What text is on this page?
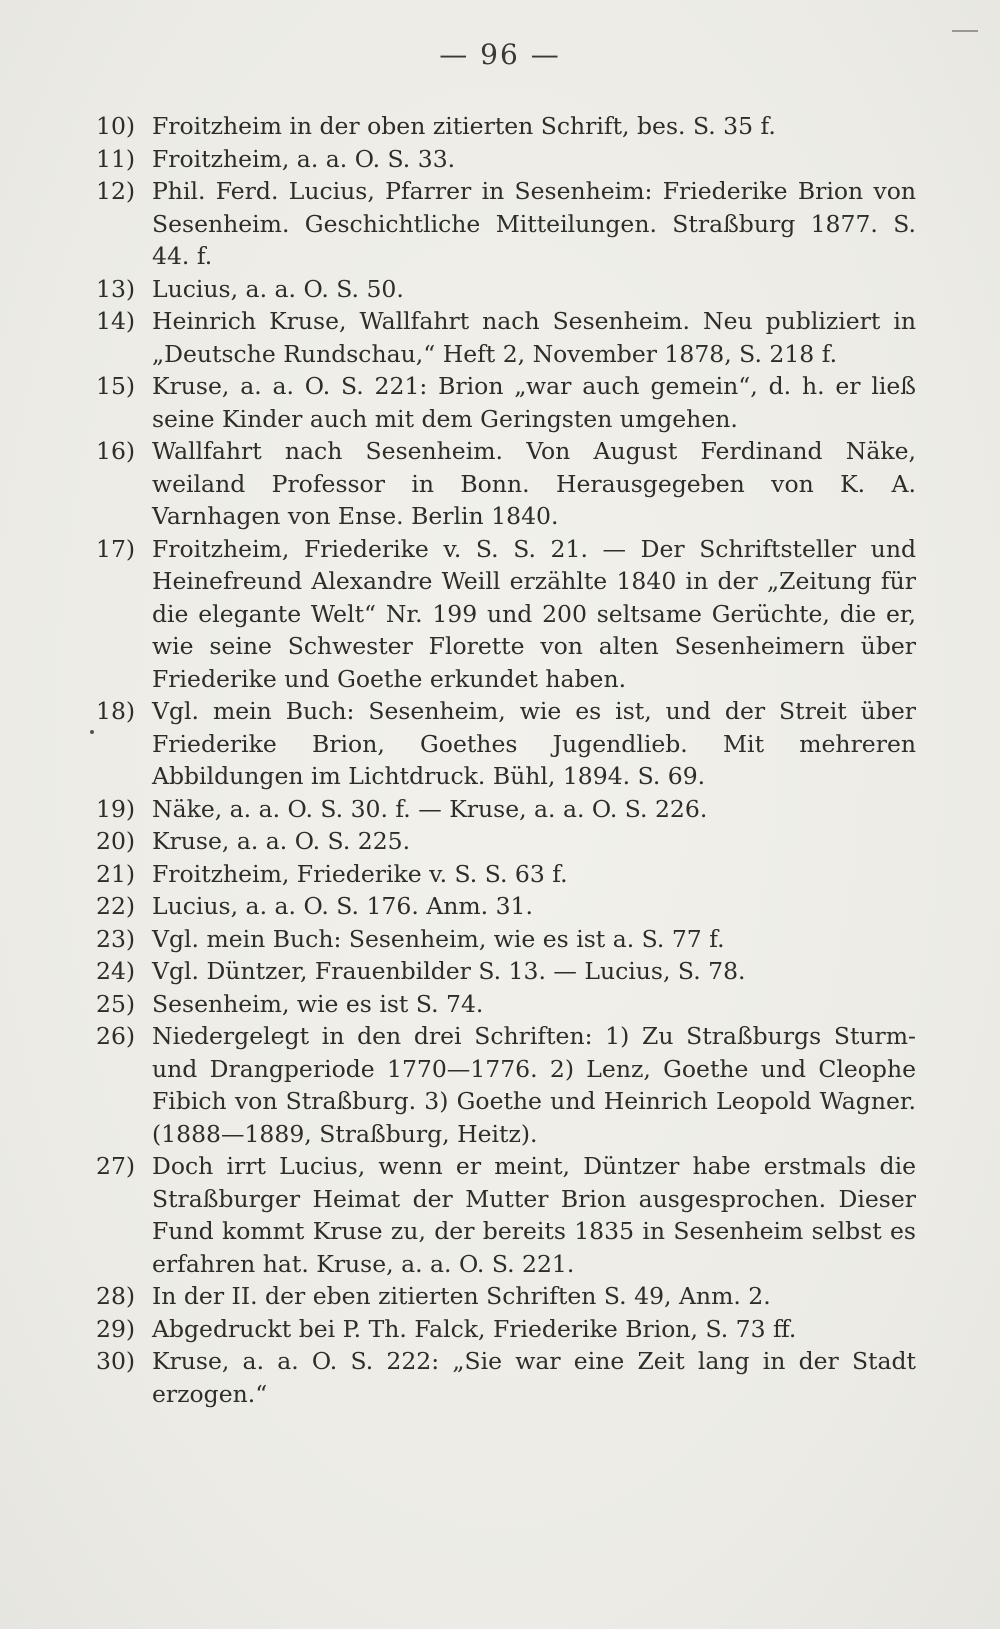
— 96 —
10) Froitzheim in der oben zitierten Schrift, bes. S. 35 f.
11) Froitzheim, a. a. O. S. 33.
12) Phil. Ferd. Lucius, Pfarrer in Sesenheim: Friederike Brion von Sesenheim. Geschichtliche Mitteilungen. Straßburg 1877. S. 44. f.
13) Lucius, a. a. O. S. 50.
14) Heinrich Kruse, Wallfahrt nach Sesenheim. Neu publiziert in „Deutsche Rundschau,“ Heft 2, November 1878, S. 218 f.
15) Kruse, a. a. O. S. 221: Brion „war auch gemein“, d. h. er ließ seine Kinder auch mit dem Geringsten umgehen.
16) Wallfahrt nach Sesenheim. Von August Ferdinand Näke, weiland Professor in Bonn. Herausgegeben von K. A. Varnhagen von Ense. Berlin 1840.
17) Froitzheim, Friederike v. S. S. 21. — Der Schriftsteller und Heinefreund Alexandre Weill erzählte 1840 in der „Zeitung für die elegante Welt“ Nr. 199 und 200 seltsame Gerüchte, die er, wie seine Schwester Florette von alten Sesenheimern über Friederike und Goethe erkundet haben.
18) Vgl. mein Buch: Sesenheim, wie es ist, und der Streit über Friederike Brion, Goethes Jugendlieb. Mit mehreren Abbildungen im Lichtdruck. Bühl, 1894. S. 69.
19) Näke, a. a. O. S. 30. f. — Kruse, a. a. O. S. 226.
20) Kruse, a. a. O. S. 225.
21) Froitzheim, Friederike v. S. S. 63 f.
22) Lucius, a. a. O. S. 176. Anm. 31.
23) Vgl. mein Buch: Sesenheim, wie es ist a. S. 77 f.
24) Vgl. Düntzer, Frauenbilder S. 13. — Lucius, S. 78.
25) Sesenheim, wie es ist S. 74.
26) Niedergelegt in den drei Schriften: 1) Zu Straßburgs Sturm- und Drangperiode 1770—1776. 2) Lenz, Goethe und Cleophe Fibich von Straßburg. 3) Goethe und Heinrich Leopold Wagner. (1888—1889, Straßburg, Heitz).
27) Doch irrt Lucius, wenn er meint, Düntzer habe erstmals die Straßburger Heimat der Mutter Brion ausgesprochen. Dieser Fund kommt Kruse zu, der bereits 1835 in Sesenheim selbst es erfahren hat. Kruse, a. a. O. S. 221.
28) In der II. der eben zitierten Schriften S. 49, Anm. 2.
29) Abgedruckt bei P. Th. Falck, Friederike Brion, S. 73 ff.
30) Kruse, a. a. O. S. 222: „Sie war eine Zeit lang in der Stadt erzogen.“
